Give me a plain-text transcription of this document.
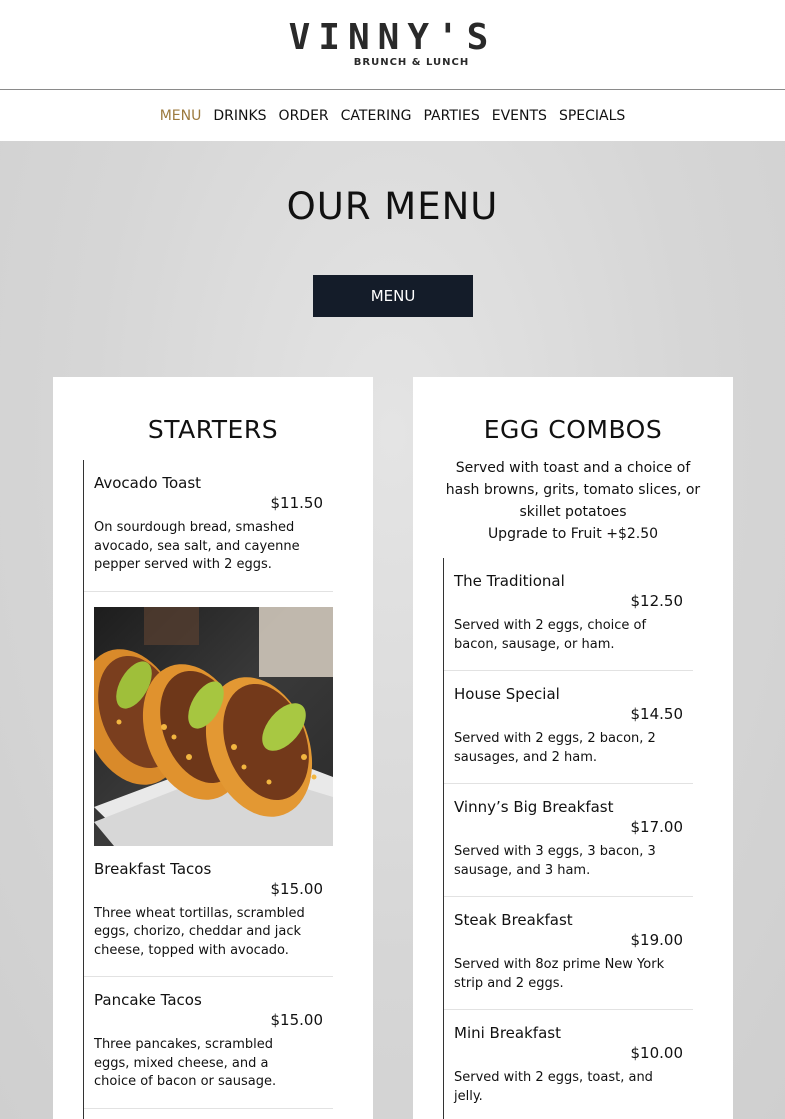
VINNY'S
BRUNCH & LUNCH
MENU DRINKS ORDER CATERING PARTIES EVENTS SPECIALS
OUR MENU
MENU
STARTERS
Avocado Toast
$11.50
On sourdough bread, smashed avocado, sea salt, and cayenne pepper served with 2 eggs.
Breakfast Tacos
$15.00
Three wheat tortillas, scrambled eggs, chorizo, cheddar and jack cheese, topped with avocado.
Pancake Tacos
$15.00
Three pancakes, scrambled eggs, mixed cheese, and a choice of bacon or sausage.
EGG COMBOS
Served with toast and a choice of hash browns, grits, tomato slices, or skillet potatoes
Upgrade to Fruit +$2.50
The Traditional
$12.50
Served with 2 eggs, choice of bacon, sausage, or ham.
House Special
$14.50
Served with 2 eggs, 2 bacon, 2 sausages, and 2 ham.
Vinny’s Big Breakfast
$17.00
Served with 3 eggs, 3 bacon, 3 sausage, and 3 ham.
Steak Breakfast
$19.00
Served with 8oz prime New York strip and 2 eggs.
Mini Breakfast
$10.00
Served with 2 eggs, toast, and jelly.
